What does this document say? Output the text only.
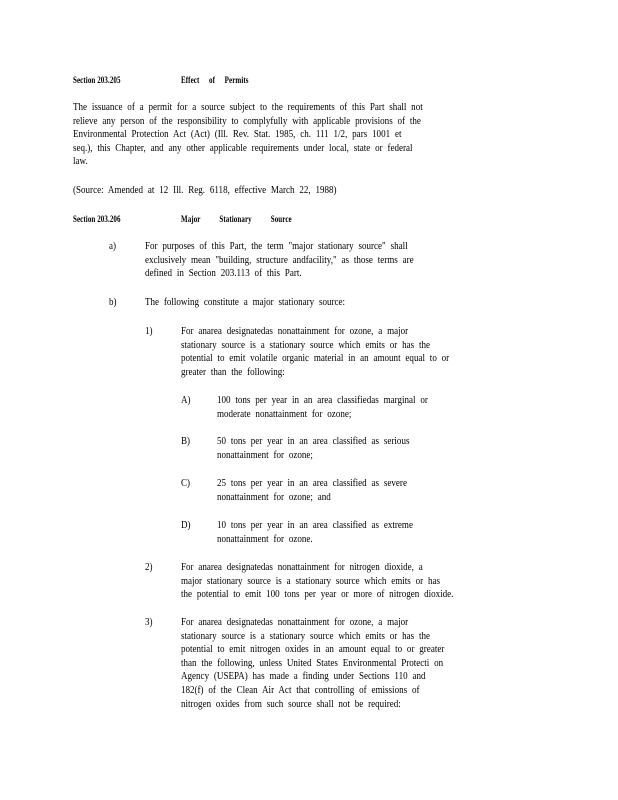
Section 203.205	Effect of Permits
The issuance of a permit for a source subject to the requirements of this Part shall not
relieve any person of the responsibility to complyfully with applicable provisions of the
Environmental Protection Act (Act) (Ill. Rev. Stat. 1985, ch. 111 1/2, pars 1001 et
seq.), this Chapter, and any other applicable requirements under local, state or federal
law.
(Source: Amended at 12 Ill. Reg. 6118, effective March 22, 1988)
Section 203.206	Major Stationary Source
a)	For purposes of this Part, the term "major stationary source" shall
exclusively mean "building, structure andfacility," as those terms are
defined in Section 203.113 of this Part.
b)	The following constitute a major stationary source:
1)	For anarea designatedas nonattainment for ozone, a major
stationary source is a stationary source which emits or has the
potential to emit volatile organic material in an amount equal to or
greater than the following:
A)	100 tons per year in an area classifiedas marginal or
moderate nonattainment for ozone;
B)	50 tons per year in an area classified as serious
nonattainment for ozone;
C)	25 tons per year in an area classified as severe
nonattainment for ozone; and
D)	10 tons per year in an area classified as extreme
nonattainment for ozone.
2)	For anarea designatedas nonattainment for nitrogen dioxide, a
major stationary source is a stationary source which emits or has
the potential to emit 100 tons per year or more of nitrogen dioxide.
3)	For anarea designatedas nonattainment for ozone, a major
stationary source is a stationary source which emits or has the
potential to emit nitrogen oxides in an amount equal to or greater
than the following, unless United States Environmental Protecti on
Agency (USEPA) has made a finding under Sections 110 and
182(f) of the Clean Air Act that controlling of emissions of
nitrogen oxides from such source shall not be required:
